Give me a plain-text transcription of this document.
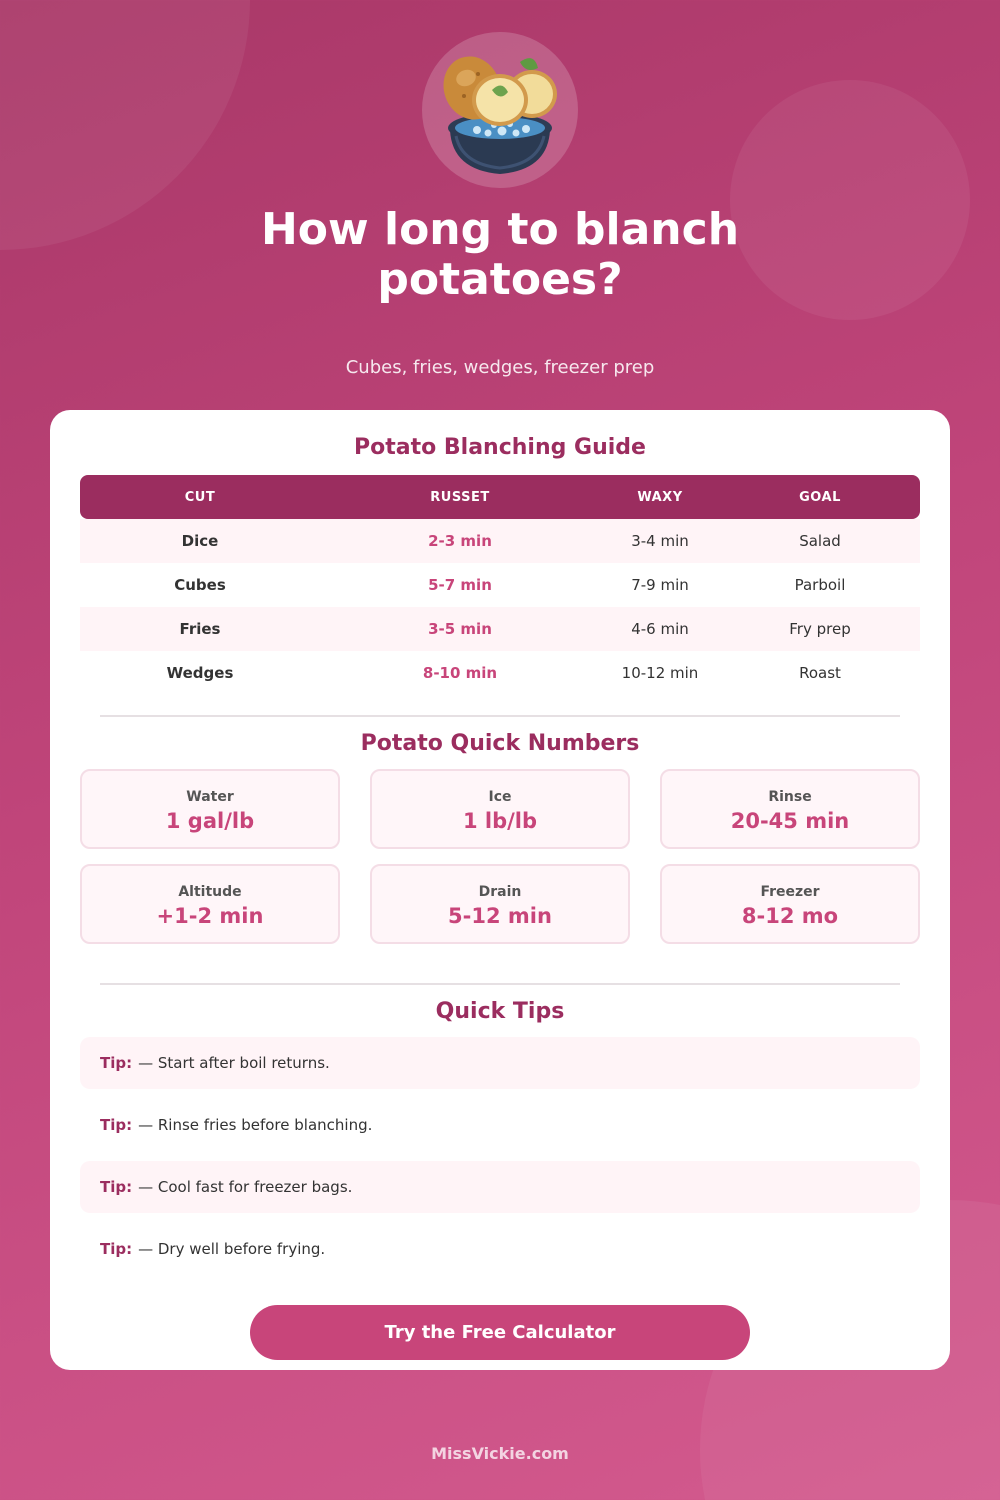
How long to blanch potatoes?

Cubes, fries, wedges, freezer prep

Potato Blanching Guide
CUT	RUSSET	WAXY	GOAL
Dice	2-3 min	3-4 min	Salad
Cubes	5-7 min	7-9 min	Parboil
Fries	3-5 min	4-6 min	Fry prep
Wedges	8-10 min	10-12 min	Roast
Potato Quick Numbers
Water
1 gal/lb
Ice
1 lb/lb
Rinse
20-45 min
Altitude
+1-2 min
Drain
5-12 min
Freezer
8-12 mo
Quick Tips
Tip: — Start after boil returns.
Tip: — Rinse fries before blanching.
Tip: — Cool fast for freezer bags.
Tip: — Dry well before frying.
Try the Free Calculator
MissVickie.com
